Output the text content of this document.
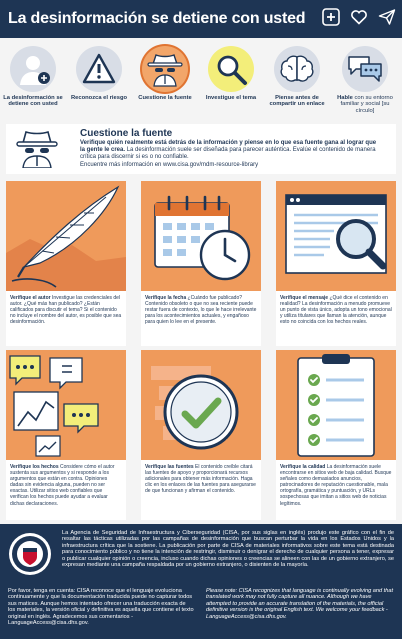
La desinformación se detiene con usted
La desinformación se detiene con usted
Reconozca el riesgo	Cuestione la fuente	Investigue el tema	Piense antes de compartir un enlace
Hable con su entorno familiar y social [su círculo]
Cuestione la fuente
Verifique quién realmente está detrás de la información y piense en lo que esa fuente gana al lograr que la gente le crea. La desinformación suele ser diseñada para parecer auténtica. Evalúe el contenido de manera crítica para discernir si es o no confiable.
Encuentre más información en www.cisa.gov/mdm-resource-library
Verifique el autor Investigue las credenciales del autor. ¿Qué más han publicado? ¿Están calificados para discutir el tema? Si el contenido no incluye el nombre del autor, es posible que sea desinformación.
Verifique la fecha ¿Cuándo fue publicado? Contenido obsoleto o que no sea reciente puede restar fuera de contexto, lo que le hace irrelevante para los acontecimientos actuales, y engañoso para quien lo lee en el presente.
Verifique el mensaje ¿Qué dice el contenido en realidad? La desinformación a menudo promueve un punto de vista único, adopta un tono emocional y utiliza titulares que llaman la atención, aunque esto no coincida con los hechos reales.
Verifique los hechos Considere cómo el autor sustenta sus argumentos y si responde a los argumentos que están en contra. Opiniones dadas sin evidencia alguna, pueden no ser exactas. Utilizar sitios web confiables que verifican los hechos puede ayudar a evaluar dichas declaraciones.
Verifique las fuentes El contenido creíble citará las fuentes de apoyo y proporcionará recursos adicionales para obtener más información. Haga clic en los enlaces de las fuentes para asegurarse de que funcionan y afirman el contenido.
Verifique la calidad La desinformación suele encontrarse en sitios web de baja calidad. Busque señales como demasiados anuncios, patrocinadores de reputación cuestionable, mala ortografía, gramática y puntuación, y URLs sospechosas que imitan a sitios web de noticias legítimos.
La Agencia de Seguridad de Infraestructura y Ciberseguridad (CISA, por sus siglas en inglés) produjo este gráfico con el fin de resaltar las tácticas utilizadas por las campañas de desinformación que buscan perturbar la vida en los Estados Unidos y la infraestructura crítica que la sostiene. La publicación por parte de CISA de materiales informativos sobre este tema está destinada para conocimiento público y no tiene la intención de restringir, disminuir o denigrar el derecho de cualquier persona a tener, expresar o publicar cualquier opinión o creencia, incluso cuando dichas opiniones o creencias se alineen con las de un gobierno extranjero, se expresan mediante una campaña respaldada por un gobierno extranjero, o disienten de la mayoría.
Por favor, tenga en cuenta: CISA reconoce que el lenguaje evoluciona continuamente y que la documentación traducida puede no capturar todos sus matices. Aunque hemos intentado ofrecer una traducción exacta de los materiales, la versión oficial y definitiva es aquella que contiene el texto original en inglés. Agradecemos sus comentarios - LanguageAccess@cisa.dhs.gov.
Please note: CISA recognizes that language is continually evolving and that translated work may not fully capture all nuance. Although we have attempted to provide an accurate translation of the materials, the official definitive version is the original English text. We welcome your feedback - LanguageAccess@cisa.dhs.gov.
